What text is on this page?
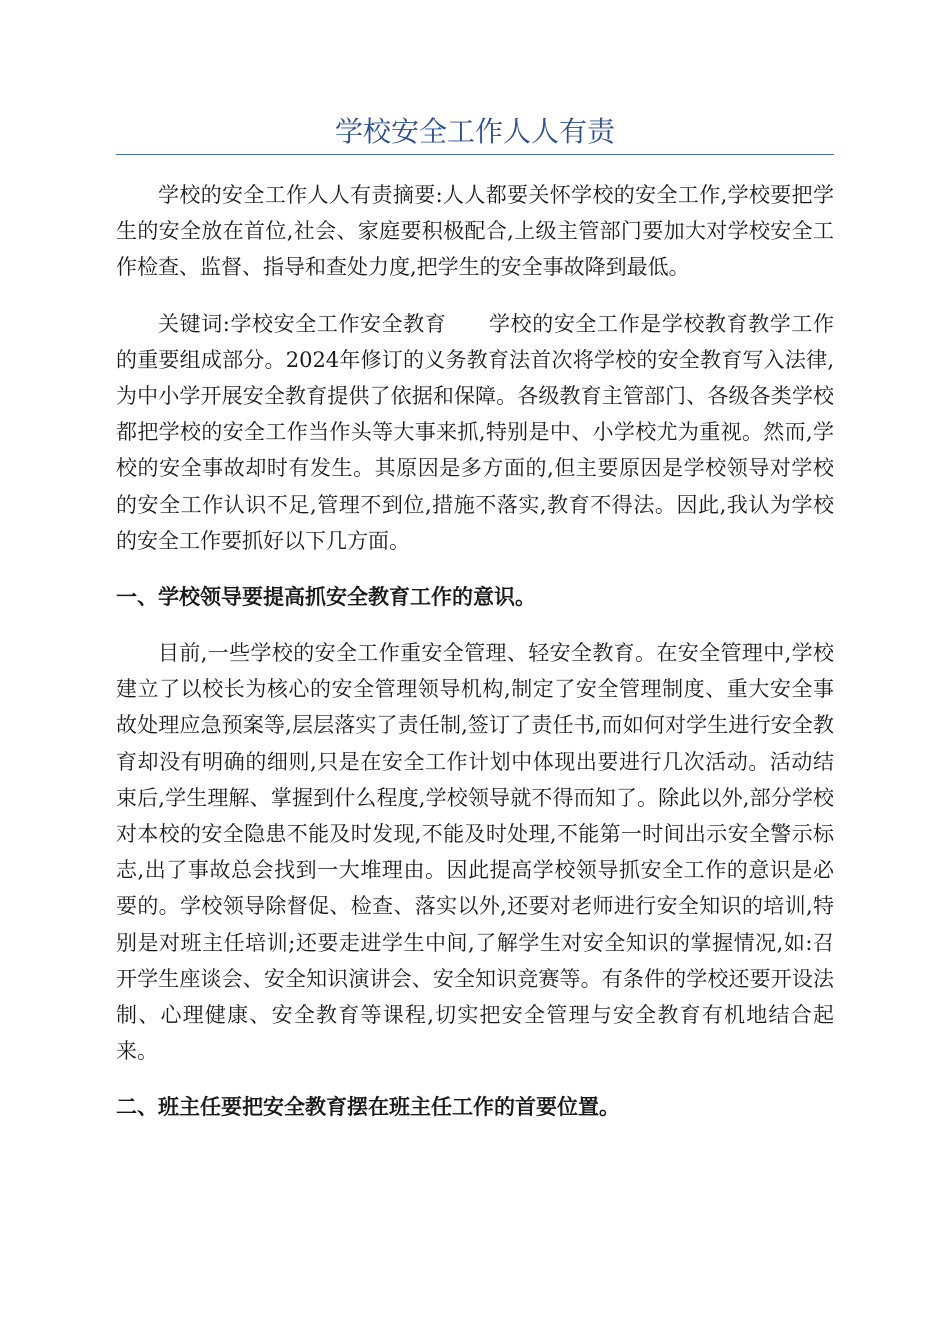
学校安全工作人人有责

学校的安全工作人人有责摘要:人人都要关怀学校的安全工作,学校要把学生的安全放在首位,社会、家庭要积极配合,上级主管部门要加大对学校安全工作检查、监督、指导和查处力度,把学生的安全事故降到最低。

关键词:学校安全工作安全教育 学校的安全工作是学校教育教学工作的重要组成部分。2024年修订的义务教育法首次将学校的安全教育写入法律,为中小学开展安全教育提供了依据和保障。各级教育主管部门、各级各类学校都把学校的安全工作当作头等大事来抓,特别是中、小学校尤为重视。然而,学校的安全事故却时有发生。其原因是多方面的,但主要原因是学校领导对学校的安全工作认识不足,管理不到位,措施不落实,教育不得法。因此,我认为学校的安全工作要抓好以下几方面。

一、学校领导要提高抓安全教育工作的意识。

目前,一些学校的安全工作重安全管理、轻安全教育。在安全管理中,学校建立了以校长为核心的安全管理领导机构,制定了安全管理制度、重大安全事故处理应急预案等,层层落实了责任制,签订了责任书,而如何对学生进行安全教育却没有明确的细则,只是在安全工作计划中体现出要进行几次活动。活动结束后,学生理解、掌握到什么程度,学校领导就不得而知了。除此以外,部分学校对本校的安全隐患不能及时发现,不能及时处理,不能第一时间出示安全警示标志,出了事故总会找到一大堆理由。因此提高学校领导抓安全工作的意识是必要的。学校领导除督促、检查、落实以外,还要对老师进行安全知识的培训,特别是对班主任培训;还要走进学生中间,了解学生对安全知识的掌握情况,如:召开学生座谈会、安全知识演讲会、安全知识竞赛等。有条件的学校还要开设法制、心理健康、安全教育等课程,切实把安全管理与安全教育有机地结合起来。

二、班主任要把安全教育摆在班主任工作的首要位置。
